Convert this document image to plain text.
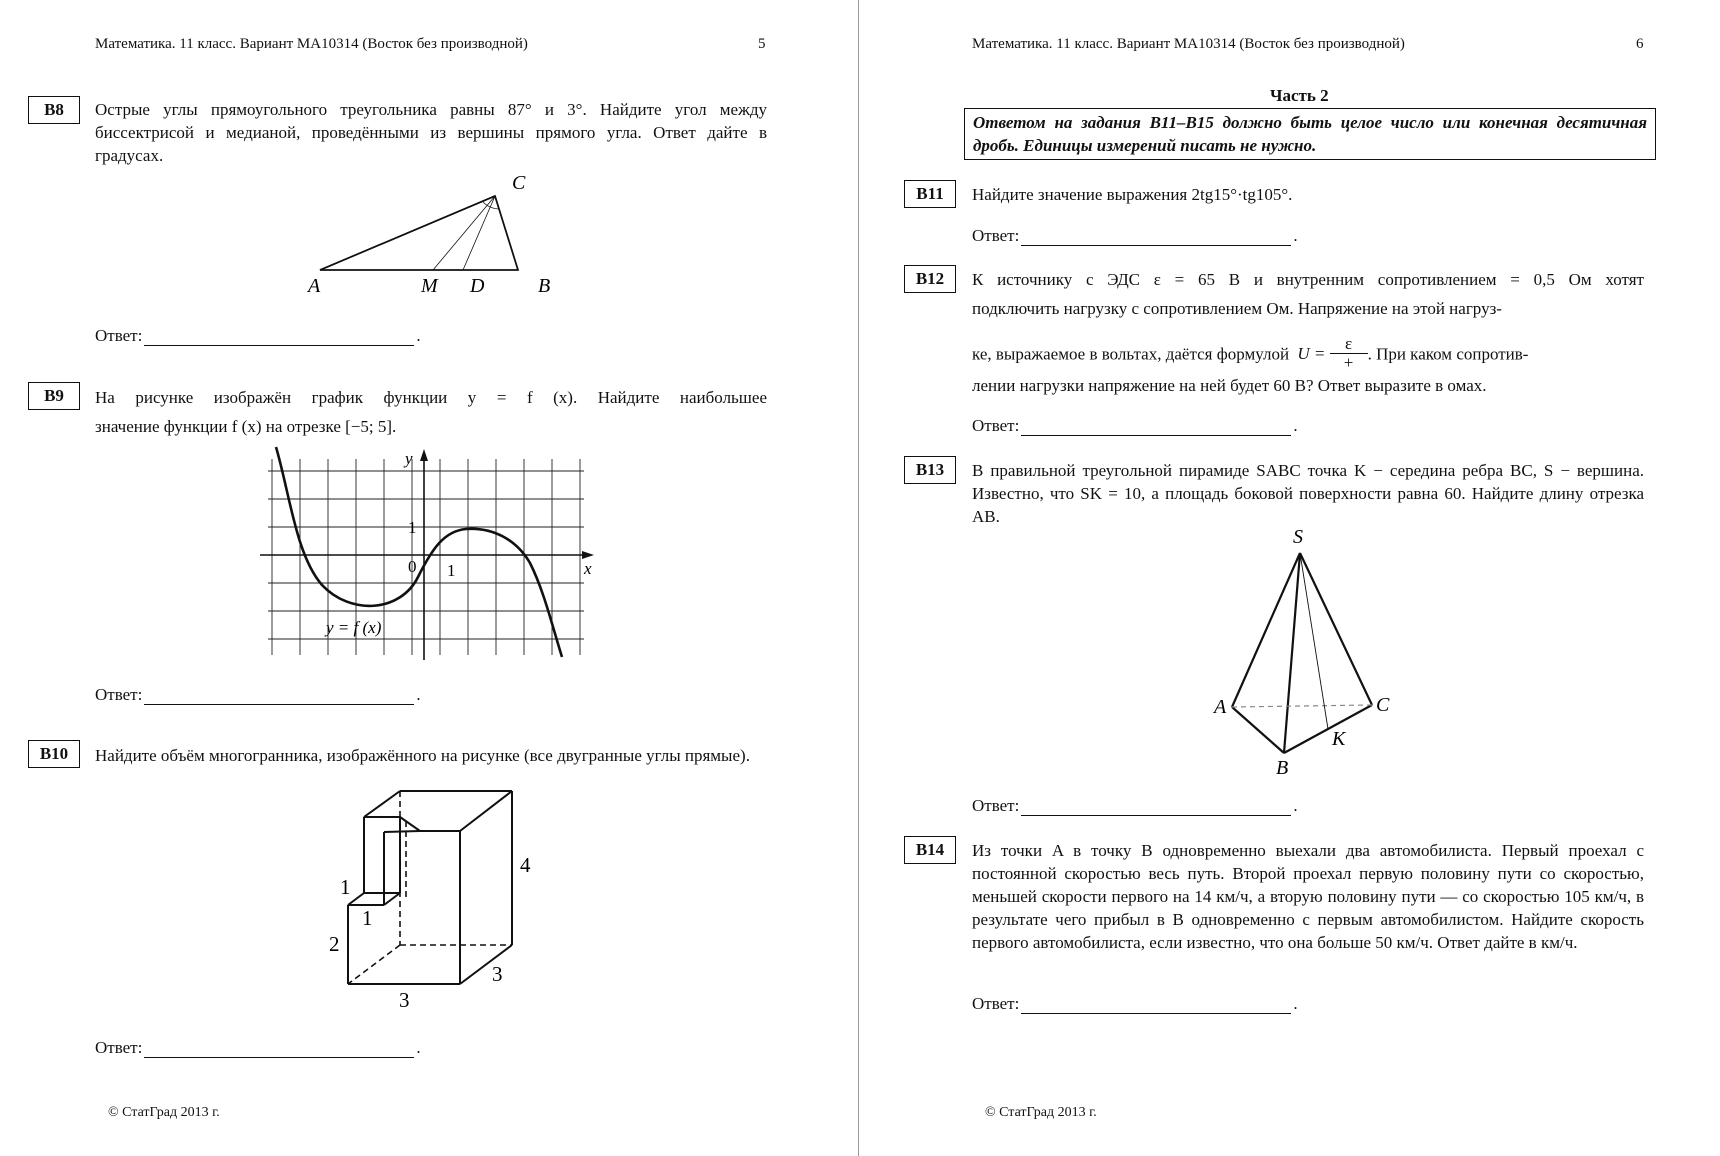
Математика. 11 класс. Вариант МА10314 (Восток без производной)	5
B8	Острые углы прямоугольного треугольника равны 87° и 3°. Найдите угол между биссектрисой и медианой, проведёнными из вершины прямого угла. Ответ дайте в градусах.
C
A	M D	B
Ответ:	.
B9	На рисунке изображён график функции y = f (x). Найдите наибольшее
значение функции f (x) на отрезке [−5; 5].
y
x
1
0 1
y = f (x)
Ответ:	.
B10	Найдите объём многогранника, изображённого на рисунке (все двугранные углы прямые).
4
1
1
2
3
3
Ответ:	.
© СтатГрад 2013 г.
Математика. 11 класс. Вариант МА10314 (Восток без производной)	6
Часть 2
Ответом на задания B11–B15 должно быть целое число или конечная десятичная дробь. Единицы измерений писать не нужно.
B11	Найдите значение выражения 2tg15°·tg105°.
Ответ:	.
B12	К источнику с ЭДС ε = 65 В и внутренним сопротивлением = 0,5 Ом хотят
подключить нагрузку с сопротивлением Ом. Напряжение на этой нагруз-
ке, выражаемое в вольтах, даётся формулой U =
ε
+ . При каком сопротив-
лении нагрузки напряжение на ней будет 60 В? Ответ выразите в омах.
Ответ:	.
B13	В правильной треугольной пирамиде SABC точка K − середина ребра BC, S − вершина. Известно, что SK = 10, а площадь боковой поверхности равна 60. Найдите длину отрезка AB.
S
A	C
K
B
Ответ:	.
B14	Из точки A в точку B одновременно выехали два автомобилиста. Первый проехал с постоянной скоростью весь путь. Второй проехал первую половину пути со скоростью, меньшей скорости первого на 14 км/ч, а вторую половину пути — со скоростью 105 км/ч, в результате чего прибыл в B одновременно с первым автомобилистом. Найдите скорость первого автомобилиста, если известно, что она больше 50 км/ч. Ответ дайте в км/ч.
Ответ:	.
© СтатГрад 2013 г.
